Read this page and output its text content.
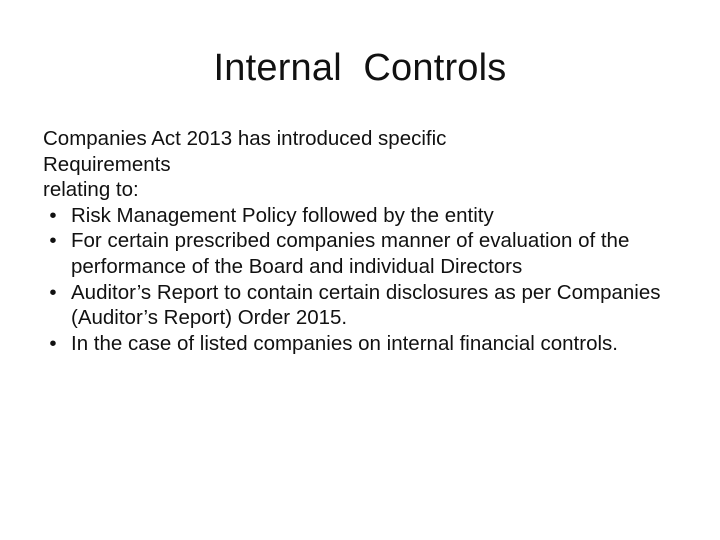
Internal  Controls
Companies Act 2013 has introduced specific
Requirements
relating to:
• Risk Management Policy followed by the entity
• For certain prescribed companies manner of evaluation of the performance of the Board and individual Directors
• Auditor’s Report to contain certain disclosures as per Companies (Auditor’s Report) Order 2015.
• In the case of listed companies on internal financial controls.
